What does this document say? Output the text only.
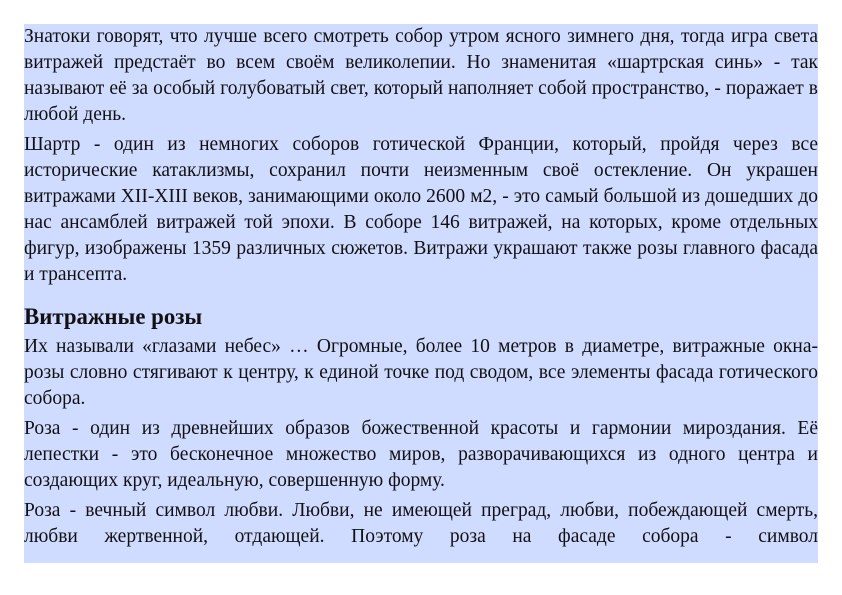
Знатоки говорят, что лучше всего смотреть собор утром ясного зимнего дня, тогда игра света витражей предстаёт во всем своём великолепии. Но знаменитая «шартрская синь» - так называют её за особый голубоватый свет, который наполняет собой пространство, - поражает в любой день.

Шартр - один из немногих соборов готической Франции, который, пройдя через все исторические катаклизмы, сохранил почти неизменным своё остекление. Он украшен витражами XII-XIII веков, занимающими около 2600 м2, - это самый большой из дошедших до нас ансамблей витражей той эпохи. В соборе 146 витражей, на которых, кроме отдельных фигур, изображены 1359 различных сюжетов. Витражи украшают также розы главного фасада и трансепта.

Витражные розы

Их называли «глазами небес» … Огромные, более 10 метров в диаметре, витражные окна-розы словно стягивают к центру, к единой точке под сводом, все элементы фасада готического собора.

Роза - один из древнейших образов божественной красоты и гармонии мироздания. Её лепестки - это бесконечное множество миров, разворачивающихся из одного центра и создающих круг, идеальную, совершенную форму.

Роза - вечный символ любви. Любви, не имеющей преград, любви, побеждающей смерть, любви жертвенной, отдающей. Поэтому роза на фасаде собора - символ
